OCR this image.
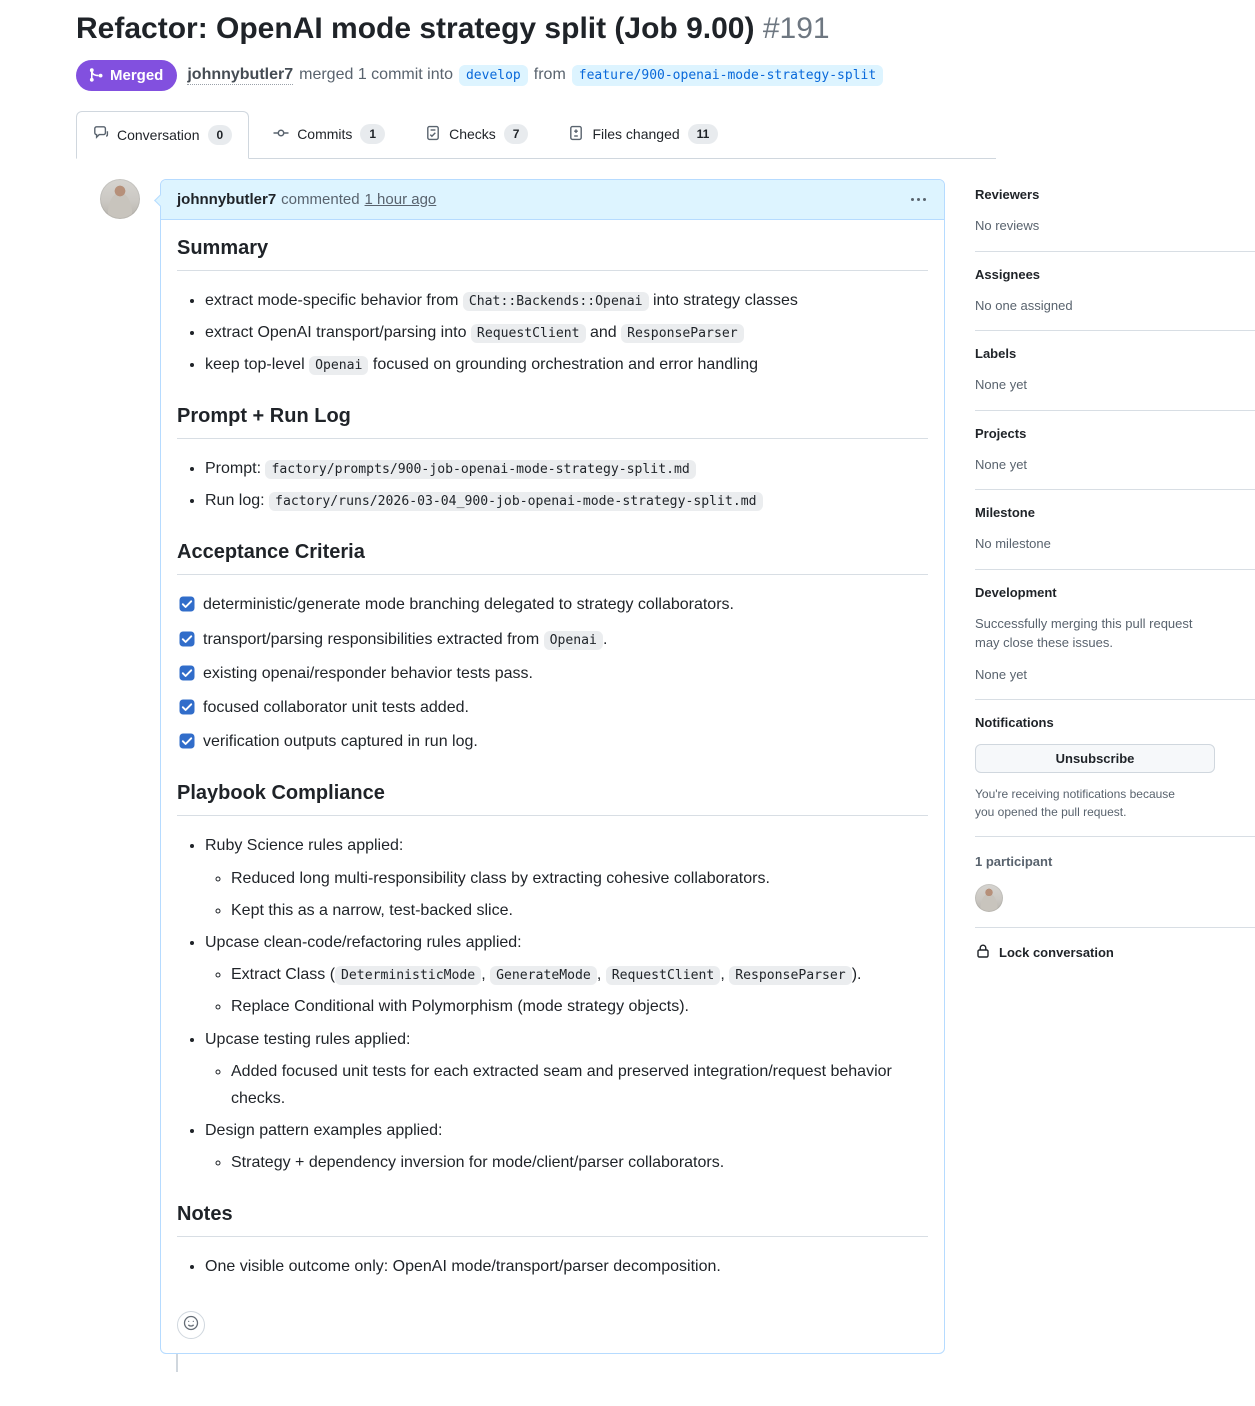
Refactor: OpenAI mode strategy split (Job 9.00) #191
Merged johnnybutler7 merged 1 commit into	develop from	feature/900-openai-mode-strategy-split
Conversation	0	Commits	1	Checks	7	Files changed	11
johnnybutler7 commented 1 hour ago
Summary
• extract mode-specific behavior from Chat::Backends::Openai into strategy classes
• extract OpenAI transport/parsing into RequestClient and ResponseParser
• keep top-level Openai focused on grounding orchestration and error handling
Prompt + Run Log
• Prompt: factory/prompts/900-job-openai-mode-strategy-split.md
• Run log: factory/runs/2026-03-04_900-job-openai-mode-strategy-split.md
Acceptance Criteria
deterministic/generate mode branching delegated to strategy collaborators.
transport/parsing responsibilities extracted from Openai .
existing openai/responder behavior tests pass.
focused collaborator unit tests added.
verification outputs captured in run log.
Playbook Compliance
• Ruby Science rules applied:
◦ Reduced long multi-responsibility class by extracting cohesive collaborators.
◦ Kept this as a narrow, test-backed slice.
• Upcase clean-code/refactoring rules applied:
◦ Extract Class ( DeterministicMode , GenerateMode , RequestClient , ResponseParser ).
◦ Replace Conditional with Polymorphism (mode strategy objects).
• Upcase testing rules applied:
◦ Added focused unit tests for each extracted seam and preserved integration/request behavior checks.
• Design pattern examples applied:
◦ Strategy + dependency inversion for mode/client/parser collaborators.
Notes
• One visible outcome only: OpenAI mode/transport/parser decomposition.
Reviewers

No reviews

Assignees

No one assigned

Labels

None yet

Projects

None yet

Milestone

No milestone

Development

Successfully merging this pull request may close these issues.

None yet

Notifications
Unsubscribe

You're receiving notifications because you opened the pull request.

1 participant

Lock conversation
